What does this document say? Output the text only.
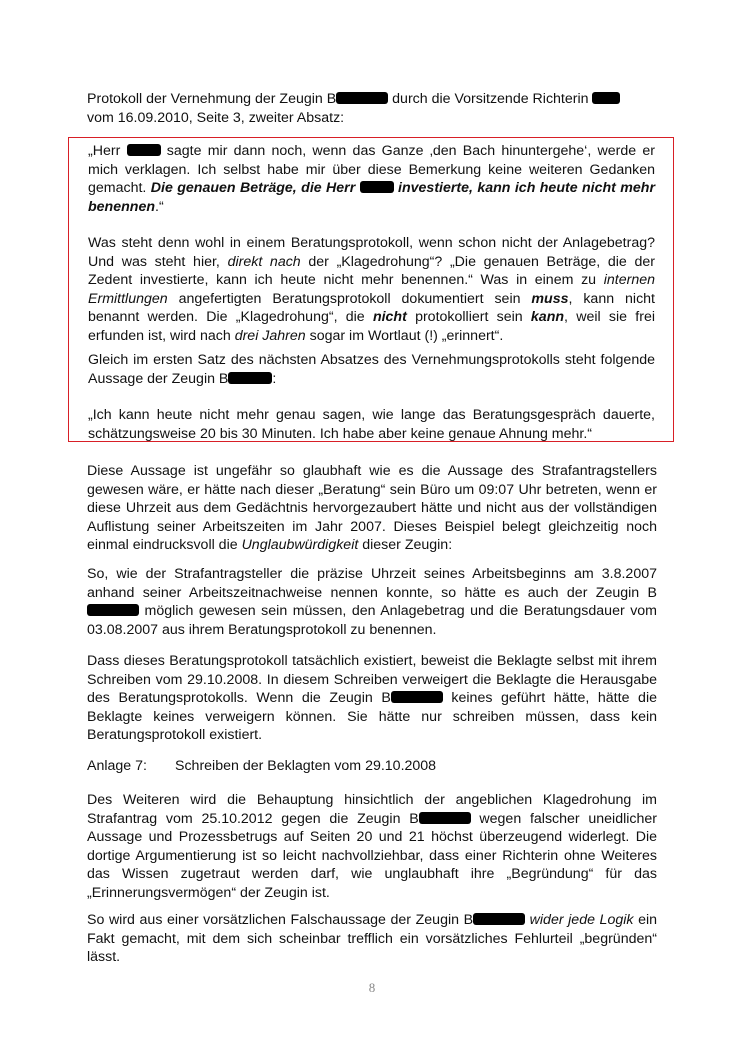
Protokoll der Vernehmung der Zeugin B	durch die Vorsitzende Richterin
vom 16.09.2010, Seite 3, zweiter Absatz:

„Herr  sagte mir dann noch, wenn das Ganze ‚den Bach hinuntergehe‘, werde er mich verklagen. Ich selbst habe mir über diese Bemerkung keine weiteren Gedanken gemacht. Die genauen Beträge, die Herr  investierte, kann ich heute nicht mehr benennen.“

Was steht denn wohl in einem Beratungsprotokoll, wenn schon nicht der Anlagebetrag? Und was steht hier, direkt nach der „Klagedrohung“? „Die genauen Beträge, die der Zedent investierte, kann ich heute nicht mehr benennen.“ Was in einem zu internen Ermittlungen angefertigten Beratungsprotokoll dokumentiert sein muss, kann nicht benannt werden. Die „Klagedrohung“, die nicht protokolliert sein kann, weil sie frei erfunden ist, wird nach drei Jahren sogar im Wortlaut (!) „erinnert“.

Gleich im ersten Satz des nächsten Absatzes des Vernehmungsprotokolls steht folgende Aussage der Zeugin B	:

„Ich kann heute nicht mehr genau sagen, wie lange das Beratungsgespräch dauerte, schätzungsweise 20 bis 30 Minuten. Ich habe aber keine genaue Ahnung mehr.“

Diese Aussage ist ungefähr so glaubhaft wie es die Aussage des Strafantragstellers gewesen wäre, er hätte nach dieser „Beratung“ sein Büro um 09:07 Uhr betreten, wenn er diese Uhrzeit aus dem Gedächtnis hervorgezaubert hätte und nicht aus der vollständigen Auflistung seiner Arbeitszeiten im Jahr 2007. Dieses Beispiel belegt gleichzeitig noch einmal eindrucksvoll die Unglaubwürdigkeit dieser Zeugin:

So, wie der Strafantragsteller die präzise Uhrzeit seines Arbeitsbeginns am 3.8.2007 anhand seiner Arbeitszeitnachweise nennen konnte, so hätte es auch der Zeugin B möglich gewesen sein müssen, den Anlagebetrag und die Beratungsdauer vom 03.08.2007 aus ihrem Beratungsprotokoll zu benennen.

Dass dieses Beratungsprotokoll tatsächlich existiert, beweist die Beklagte selbst mit ihrem Schreiben vom 29.10.2008. In diesem Schreiben verweigert die Beklagte die Herausgabe des Beratungsprotokolls. Wenn die Zeugin B	keines geführt hätte, hätte die Beklagte keines verweigern können. Sie hätte nur schreiben müssen, dass kein Beratungsprotokoll existiert.

Anlage 7: Schreiben der Beklagten vom 29.10.2008

Des Weiteren wird die Behauptung hinsichtlich der angeblichen Klagedrohung im Strafantrag vom 25.10.2012 gegen die Zeugin B	wegen falscher uneidlicher Aussage und Prozessbetrugs auf Seiten 20 und 21 höchst überzeugend widerlegt. Die dortige Argumentierung ist so leicht nachvollziehbar, dass einer Richterin ohne Weiteres das Wissen zugetraut werden darf, wie unglaubhaft ihre „Begründung“ für das „Erinnerungsvermögen“ der Zeugin ist.

So wird aus einer vorsätzlichen Falschaussage der Zeugin B	wider jede Logik ein Fakt gemacht, mit dem sich scheinbar trefflich ein vorsätzliches Fehlurteil „begründen“ lässt.

8
